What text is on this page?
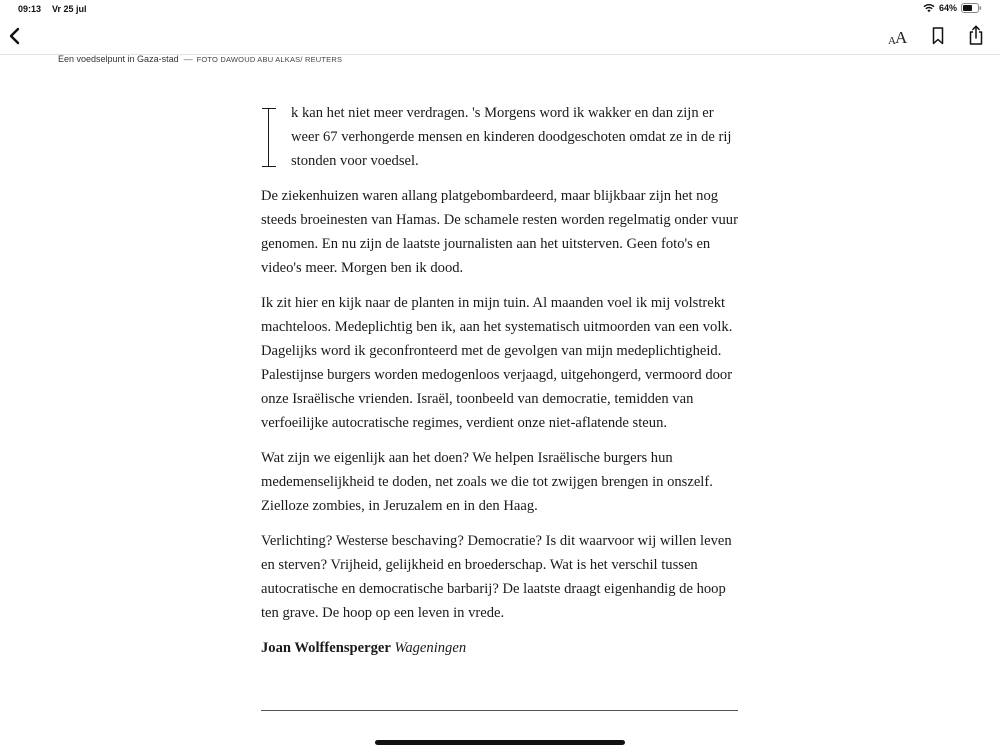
09:13 Vr 25 jul	64%
A A
Een voedselpunt in Gaza-stad — FOTO DAWOUD ABU ALKAS/ REUTERS

k kan het niet meer verdragen. 's Morgens word ik wakker en dan zijn er weer 67 verhongerde mensen en kinderen doodgeschoten omdat ze in de rij stonden voor voedsel.

De ziekenhuizen waren allang platgebombardeerd, maar blijkbaar zijn het nog steeds broeinesten van Hamas. De schamele resten worden regelmatig onder vuur genomen. En nu zijn de laatste journalisten aan het uitsterven. Geen foto's en video's meer. Morgen ben ik dood.

Ik zit hier en kijk naar de planten in mijn tuin. Al maanden voel ik mij volstrekt machteloos. Medeplichtig ben ik, aan het systematisch uitmoorden van een volk. Dagelijks word ik geconfronteerd met de gevolgen van mijn medeplichtigheid. Palestijnse burgers worden medogenloos verjaagd, uitgehongerd, vermoord door onze Israëlische vrienden. Israël, toonbeeld van democratie, temidden van verfoeilijke autocratische regimes, verdient onze niet-aflatende steun.

Wat zijn we eigenlijk aan het doen? We helpen Israëlische burgers hun medemenselijkheid te doden, net zoals we die tot zwijgen brengen in onszelf. Zielloze zombies, in Jeruzalem en in den Haag.

Verlichting? Westerse beschaving? Democratie? Is dit waarvoor wij willen leven en sterven? Vrijheid, gelijkheid en broederschap. Wat is het verschil tussen autocratische en democratische barbarij? De laatste draagt eigenhandig de hoop ten grave. De hoop op een leven in vrede.

Joan Wolffensperger Wageningen
